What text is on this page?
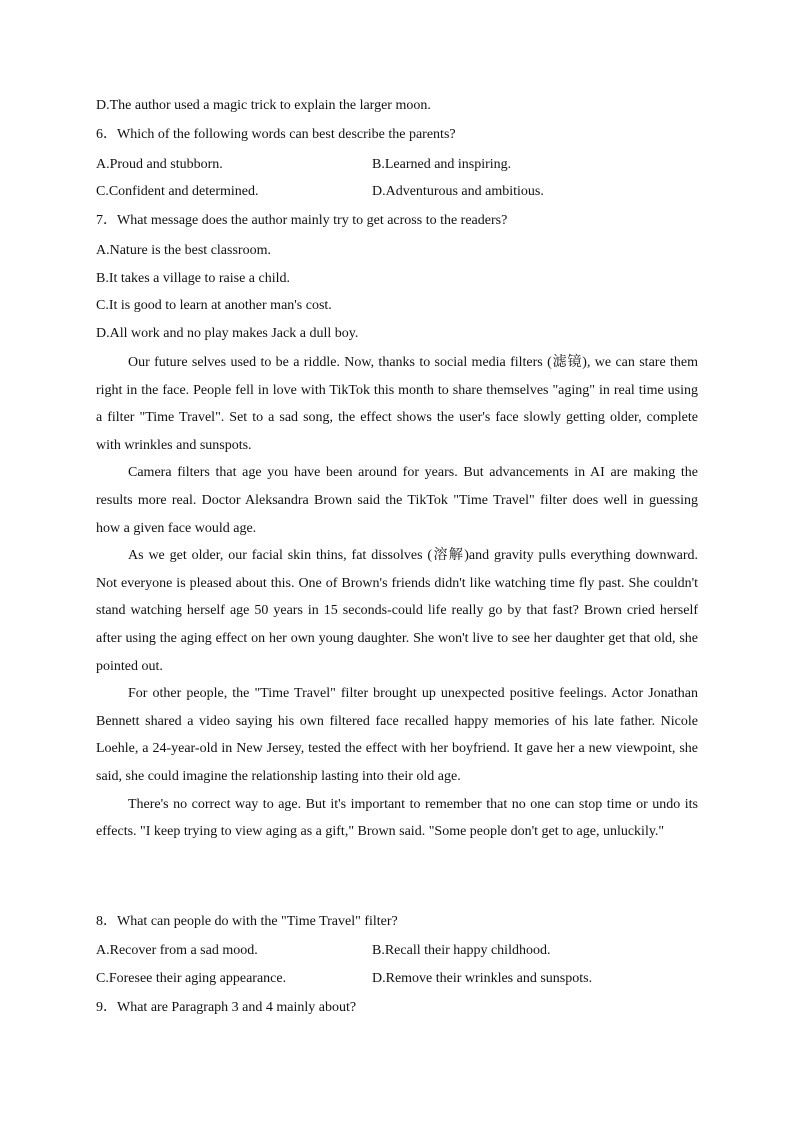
D.The author used a magic trick to explain the larger moon.
6．Which of the following words can best describe the parents?
A.Proud and stubborn.	B.Learned and inspiring.
C.Confident and determined.	D.Adventurous and ambitious.
7．What message does the author mainly try to get across to the readers?
A.Nature is the best classroom.
B.It takes a village to raise a child.
C.It is good to learn at another man's cost.
D.All work and no play makes Jack a dull boy.

Our future selves used to be a riddle. Now, thanks to social media filters (滤镜), we can stare them right in the face. People fell in love with TikTok this month to share themselves "aging" in real time using a filter "Time Travel". Set to a sad song, the effect shows the user's face slowly getting older, complete with wrinkles and sunspots.

Camera filters that age you have been around for years. But advancements in AI are making the results more real. Doctor Aleksandra Brown said the TikTok "Time Travel" filter does well in guessing how a given face would age.

As we get older, our facial skin thins, fat dissolves (溶解)and gravity pulls everything downward. Not everyone is pleased about this. One of Brown's friends didn't like watching time fly past. She couldn't stand watching herself age 50 years in 15 seconds-could life really go by that fast? Brown cried herself after using the aging effect on her own young daughter. She won't live to see her daughter get that old, she pointed out.

For other people, the "Time Travel" filter brought up unexpected positive feelings. Actor Jonathan Bennett shared a video saying his own filtered face recalled happy memories of his late father. Nicole Loehle, a 24-year-old in New Jersey, tested the effect with her boyfriend. It gave her a new viewpoint, she said, she could imagine the relationship lasting into their old age.

There's no correct way to age. But it's important to remember that no one can stop time or undo its effects. "I keep trying to view aging as a gift," Brown said. "Some people don't get to age, unluckily."

8．What can people do with the "Time Travel" filter?
A.Recover from a sad mood.	B.Recall their happy childhood.
C.Foresee their aging appearance.	D.Remove their wrinkles and sunspots.
9．What are Paragraph 3 and 4 mainly about?
